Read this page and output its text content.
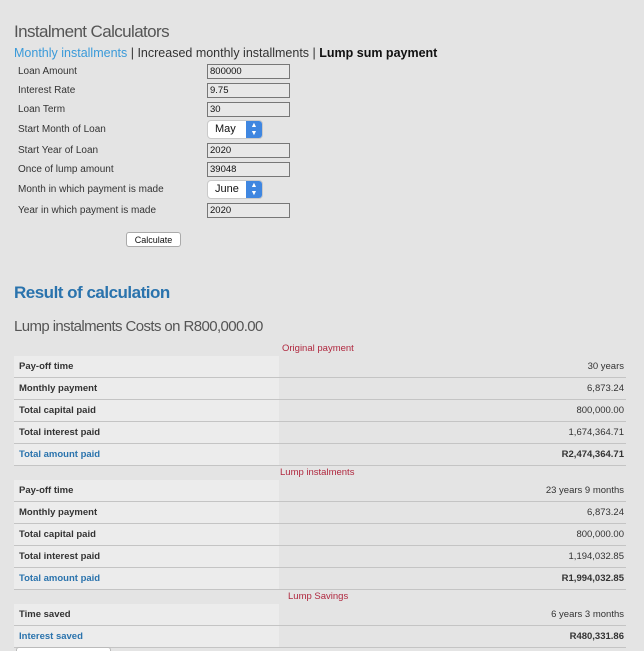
Instalment Calculators
Monthly installments | Increased monthly installments | Lump sum payment
Loan Amount
800000
Interest Rate
9.75
Loan Term
30
Start Month of Loan	May	▲
▼
Start Year of Loan
2020
Once of lump amount
39048
Month in which payment is made	June	▲
▼
Year in which payment is made
2020
Calculate
Result of calculation
Lump instalments Costs on R800,000.00
Original payment
Pay-off time	30 years
Monthly payment	6,873.24
Total capital paid	800,000.00
Total interest paid	1,674,364.71
Total amount paid	R2,474,364.71
Lump instalments
Pay-off time	23 years 9 months
Monthly payment	6,873.24
Total capital paid	800,000.00
Total interest paid	1,194,032.85
Total amount paid	R1,994,032.85
Lump Savings
Time saved	6 years 3 months
Interest saved	R480,331.86
